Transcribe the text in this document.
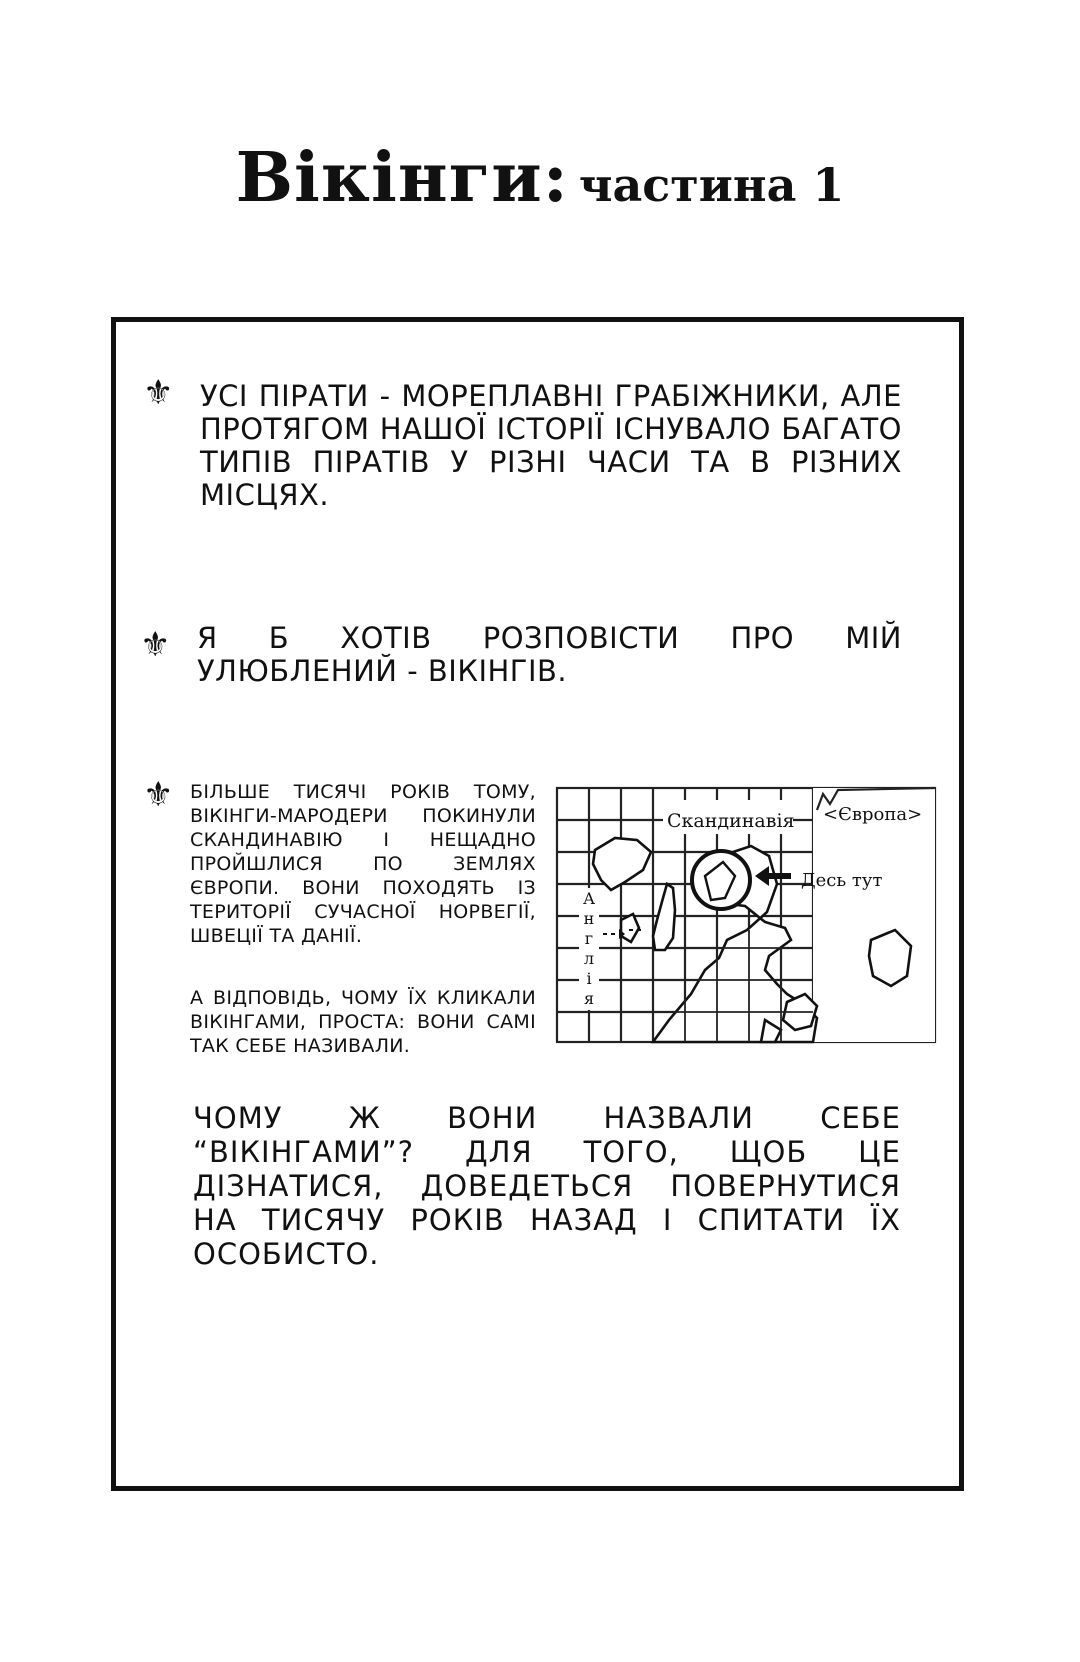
Вікінги: частина 1
⚜ УСІ ПІРАТИ - МОРЕПЛАВНІ ГРАБІЖНИКИ, АЛЕ ПРОТЯГОМ НАШОЇ ІСТОРІЇ ІСНУВАЛО БАГАТО ТИПІВ ПІРАТІВ У РІЗНІ ЧАСИ ТА В РІЗНИХ МІСЦЯХ.
⚜ Я Б ХОТІВ РОЗПОВІСТИ ПРО МІЙ УЛЮБЛЕНИЙ - ВІКІНГІВ.
⚜ БІЛЬШЕ ТИСЯЧІ РОКІВ ТОМУ, ВІКІНГИ-МАРОДЕРИ ПОКИНУЛИ СКАНДИНАВІЮ І НЕЩАДНО ПРОЙШЛИСЯ ПО ЗЕМЛЯХ ЄВРОПИ. ВОНИ ПОХОДЯТЬ ІЗ ТЕРИТОРІЇ СУЧАСНОЇ НОРВЕГІЇ, ШВЕЦІЇ ТА ДАНІЇ.
А ВІДПОВІДЬ, ЧОМУ ЇХ КЛИКАЛИ ВІКІНГАМИ, ПРОСТА: ВОНИ САМІ ТАК СЕБЕ НАЗИВАЛИ.
Скандинавія <Європа>
Десь тут
А
н
г
л
і
я
ЧОМУ Ж ВОНИ НАЗВАЛИ СЕБЕ “ВІКІНГАМИ”? ДЛЯ ТОГО, ЩОБ ЦЕ ДІЗНАТИСЯ, ДОВЕДЕТЬСЯ ПОВЕРНУТИСЯ НА ТИСЯЧУ РОКІВ НАЗАД І СПИТАТИ ЇХ ОСОБИСТО.
